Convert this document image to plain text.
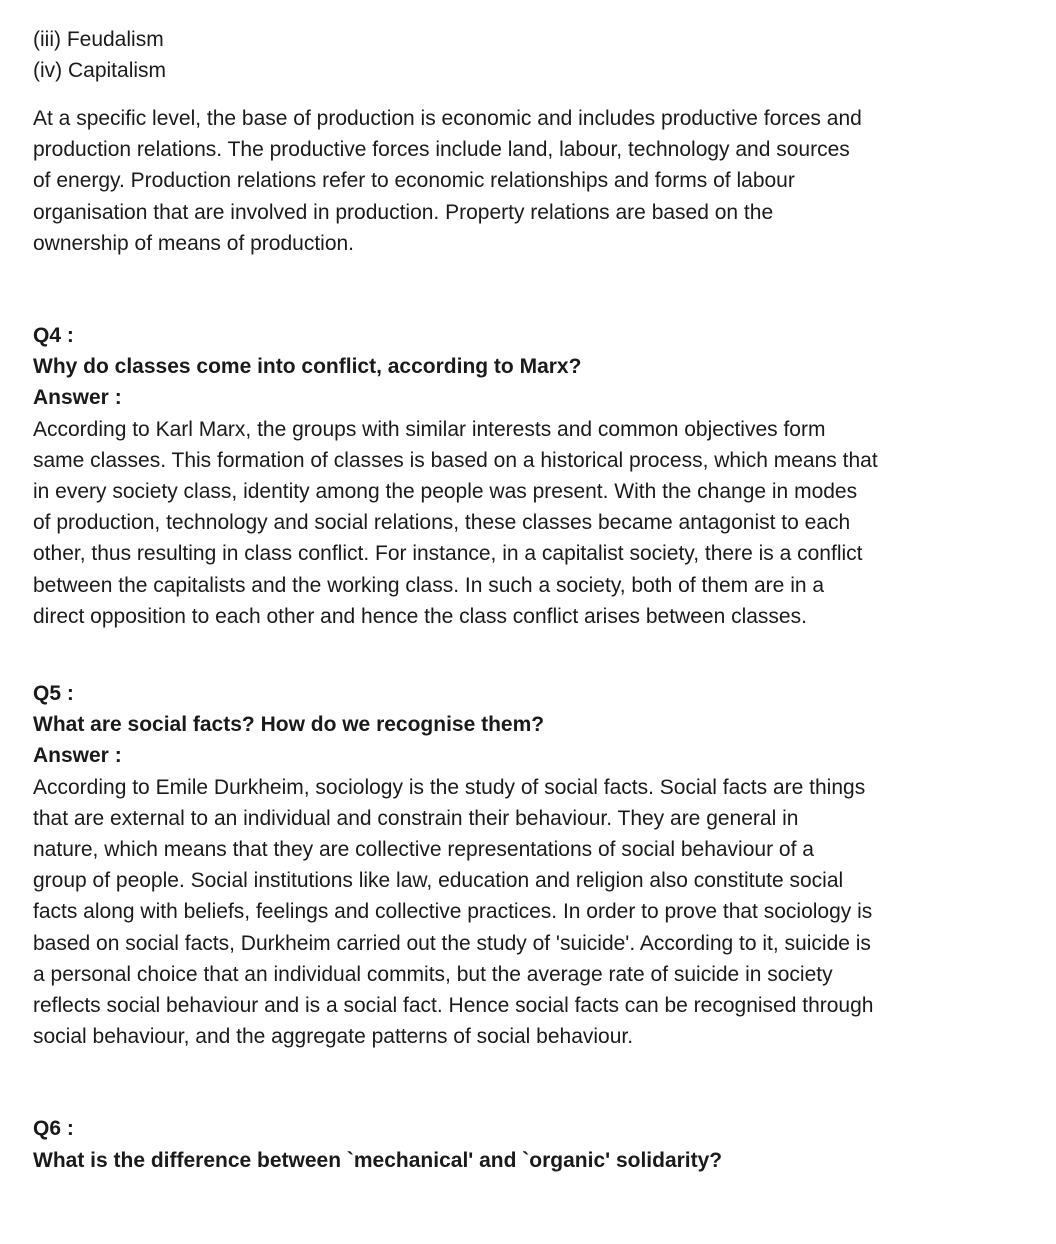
(iii) Feudalism
(iv) Capitalism
At a specific level, the base of production is economic and includes productive forces and
production relations. The productive forces include land, labour, technology and sources
of energy. Production relations refer to economic relationships and forms of labour
organisation that are involved in production. Property relations are based on the
ownership of means of production.
Q4 :
Why do classes come into conflict, according to Marx?
Answer :
According to Karl Marx, the groups with similar interests and common objectives form
same classes. This formation of classes is based on a historical process, which means that
in every society class, identity among the people was present. With the change in modes
of production, technology and social relations, these classes became antagonist to each
other, thus resulting in class conflict. For instance, in a capitalist society, there is a conflict
between the capitalists and the working class. In such a society, both of them are in a
direct opposition to each other and hence the class conflict arises between classes.
Q5 :
What are social facts? How do we recognise them?
Answer :
According to Emile Durkheim, sociology is the study of social facts. Social facts are things
that are external to an individual and constrain their behaviour. They are general in
nature, which means that they are collective representations of social behaviour of a
group of people. Social institutions like law, education and religion also constitute social
facts along with beliefs, feelings and collective practices. In order to prove that sociology is
based on social facts, Durkheim carried out the study of 'suicide'. According to it, suicide is
a personal choice that an individual commits, but the average rate of suicide in society
reflects social behaviour and is a social fact. Hence social facts can be recognised through
social behaviour, and the aggregate patterns of social behaviour.
Q6 :
What is the difference between `mechanical' and `organic' solidarity?
